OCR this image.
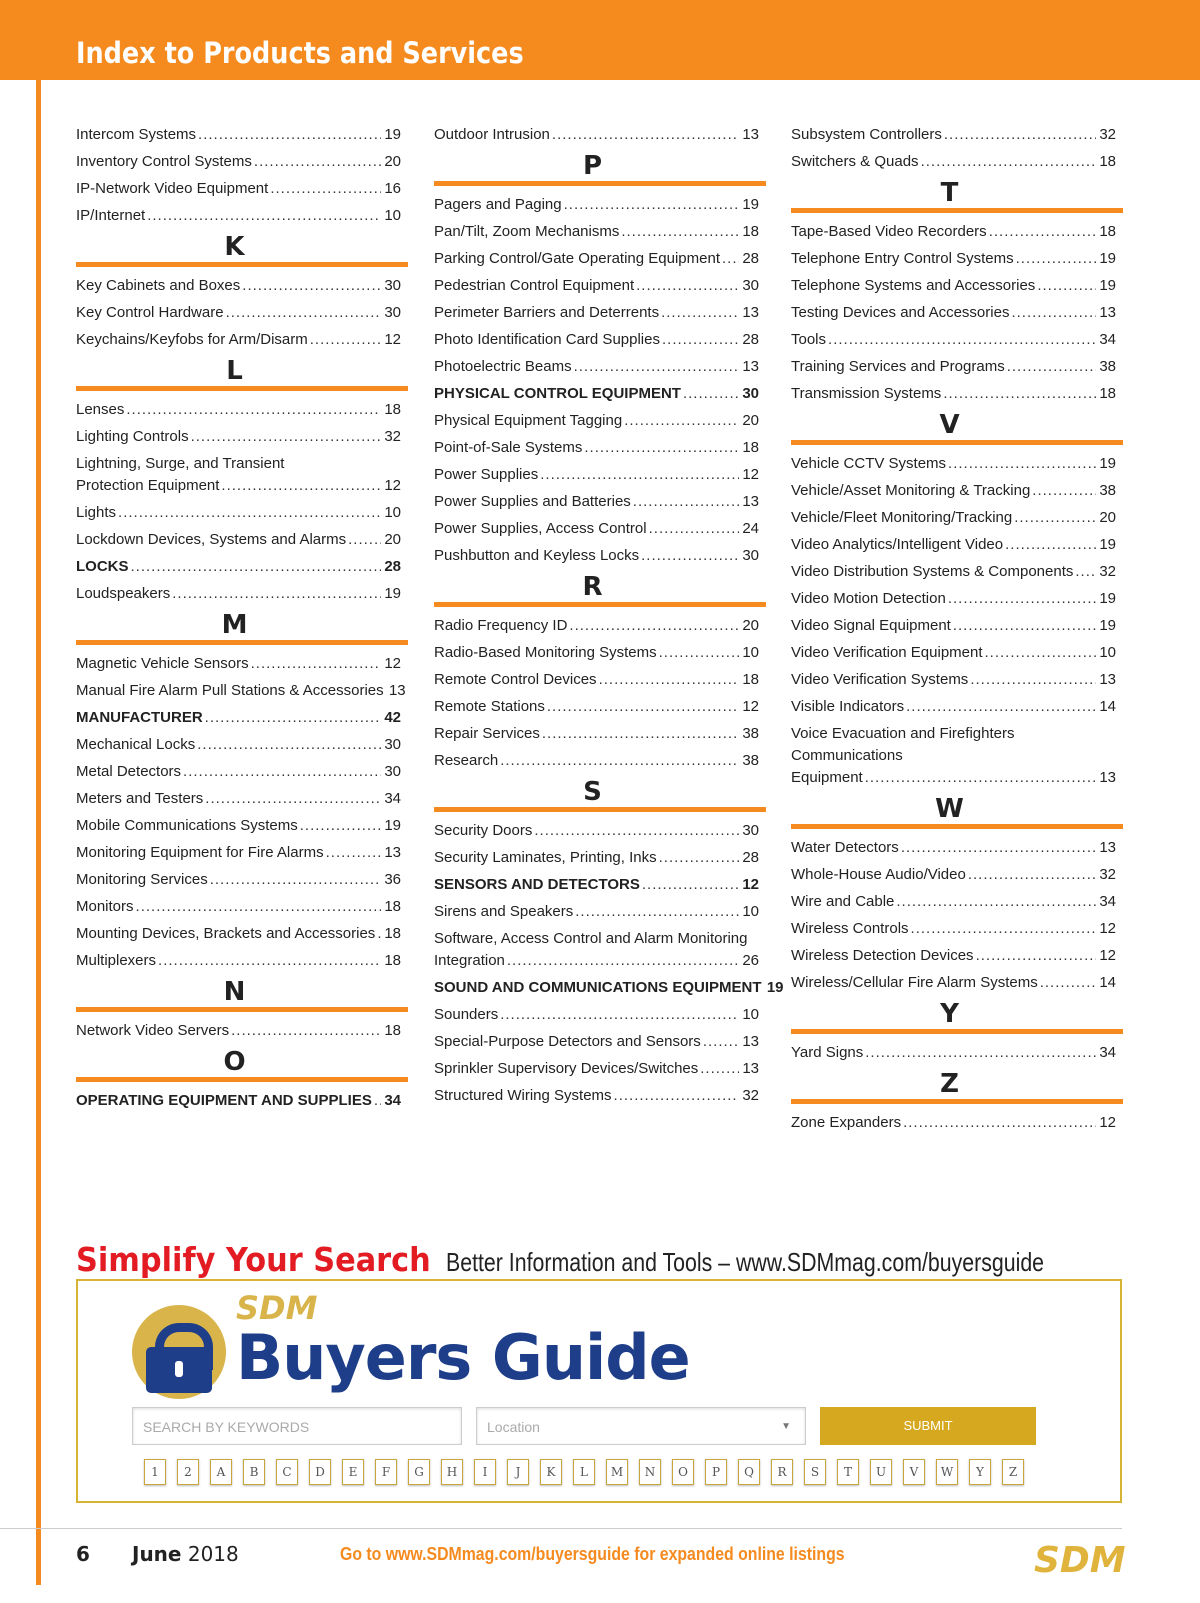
Index to Products and Services
Intercom Systems .....	19
Inventory Control Systems .....	20
IP-Network Video Equipment .....	16
IP/Internet .....	10
K
Key Cabinets and Boxes .....	30
Key Control Hardware .....	30
Keychains/Keyfobs for Arm/Disarm .....	12
L
Lenses .....	18
Lighting Controls .....	32
Lightning, Surge, and Transient
Protection Equipment .....	12
Lights .....	10
Lockdown Devices, Systems and Alarms .....	20
LOCKS .....	28
Loudspeakers .....	19
M
Magnetic Vehicle Sensors .....	12
Manual Fire Alarm Pull Stations & Accessories 13
MANUFACTURER .....	42
Mechanical Locks .....	30
Metal Detectors .....	30
Meters and Testers .....	34
Mobile Communications Systems .....	19
Monitoring Equipment for Fire Alarms .....	13
Monitoring Services .....	36
Monitors .....	18
Mounting Devices, Brackets and Accessories ..... 18
Multiplexers .....	18
N
Network Video Servers .....	18
O
OPERATING EQUIPMENT AND SUPPLIES ..... 34
Outdoor Intrusion .....	13
P
Pagers and Paging .....	19
Pan/Tilt, Zoom Mechanisms .....	18
Parking Control/Gate Operating Equipment ..... 28
Pedestrian Control Equipment .....	30
Perimeter Barriers and Deterrents .....	13
Photo Identification Card Supplies .....	28
Photoelectric Beams .....	13
PHYSICAL CONTROL EQUIPMENT .....	30
Physical Equipment Tagging .....	20
Point-of-Sale Systems .....	18
Power Supplies .....	12
Power Supplies and Batteries .....	13
Power Supplies, Access Control .....	24
Pushbutton and Keyless Locks .....	30
R
Radio Frequency ID .....	20
Radio-Based Monitoring Systems .....	10
Remote Control Devices .....	18
Remote Stations .....	12
Repair Services .....	38
Research .....	38
S
Security Doors .....	30
Security Laminates, Printing, Inks .....	28
SENSORS AND DETECTORS .....	12
Sirens and Speakers .....	10
Software, Access Control and Alarm Monitoring
Integration .....	26
SOUND AND COMMUNICATIONS EQUIPMENT 19
Sounders .....	10
Special-Purpose Detectors and Sensors .....	13
Sprinkler Supervisory Devices/Switches .....	13
Structured Wiring Systems .....	32
Subsystem Controllers .....	32
Switchers & Quads .....	18
T
Tape-Based Video Recorders .....	18
Telephone Entry Control Systems .....	19
Telephone Systems and Accessories .....	19
Testing Devices and Accessories .....	13
Tools .....	34
Training Services and Programs .....	38
Transmission Systems .....	18
V
Vehicle CCTV Systems .....	19
Vehicle/Asset Monitoring & Tracking .....	38
Vehicle/Fleet Monitoring/Tracking .....	20
Video Analytics/Intelligent Video .....	19
Video Distribution Systems & Components ..... 32
Video Motion Detection .....	19
Video Signal Equipment .....	19
Video Verification Equipment .....	10
Video Verification Systems .....	13
Visible Indicators .....	14
Voice Evacuation and Firefighters Communications
Equipment .....	13
W
Water Detectors .....	13
Whole-House Audio/Video .....	32
Wire and Cable .....	34
Wireless Controls .....	12
Wireless Detection Devices .....	12
Wireless/Cellular Fire Alarm Systems .....	14
Y
Yard Signs .....	34
Z
Zone Expanders .....	12
Simplify Your Search Better Information and Tools – www.SDMmag.com/buyersguide
SDM
Buyers Guide
SEARCH BY KEYWORDS	Location	▼	SUBMIT
1	2	A	B	C	D	E	F	G	H	I	J	K	L	M	N	O	P	Q	R	S	T	U	V	W	Y	Z
6 June 2018	Go to www.SDMmag.com/buyersguide for expanded online listings	SDM
